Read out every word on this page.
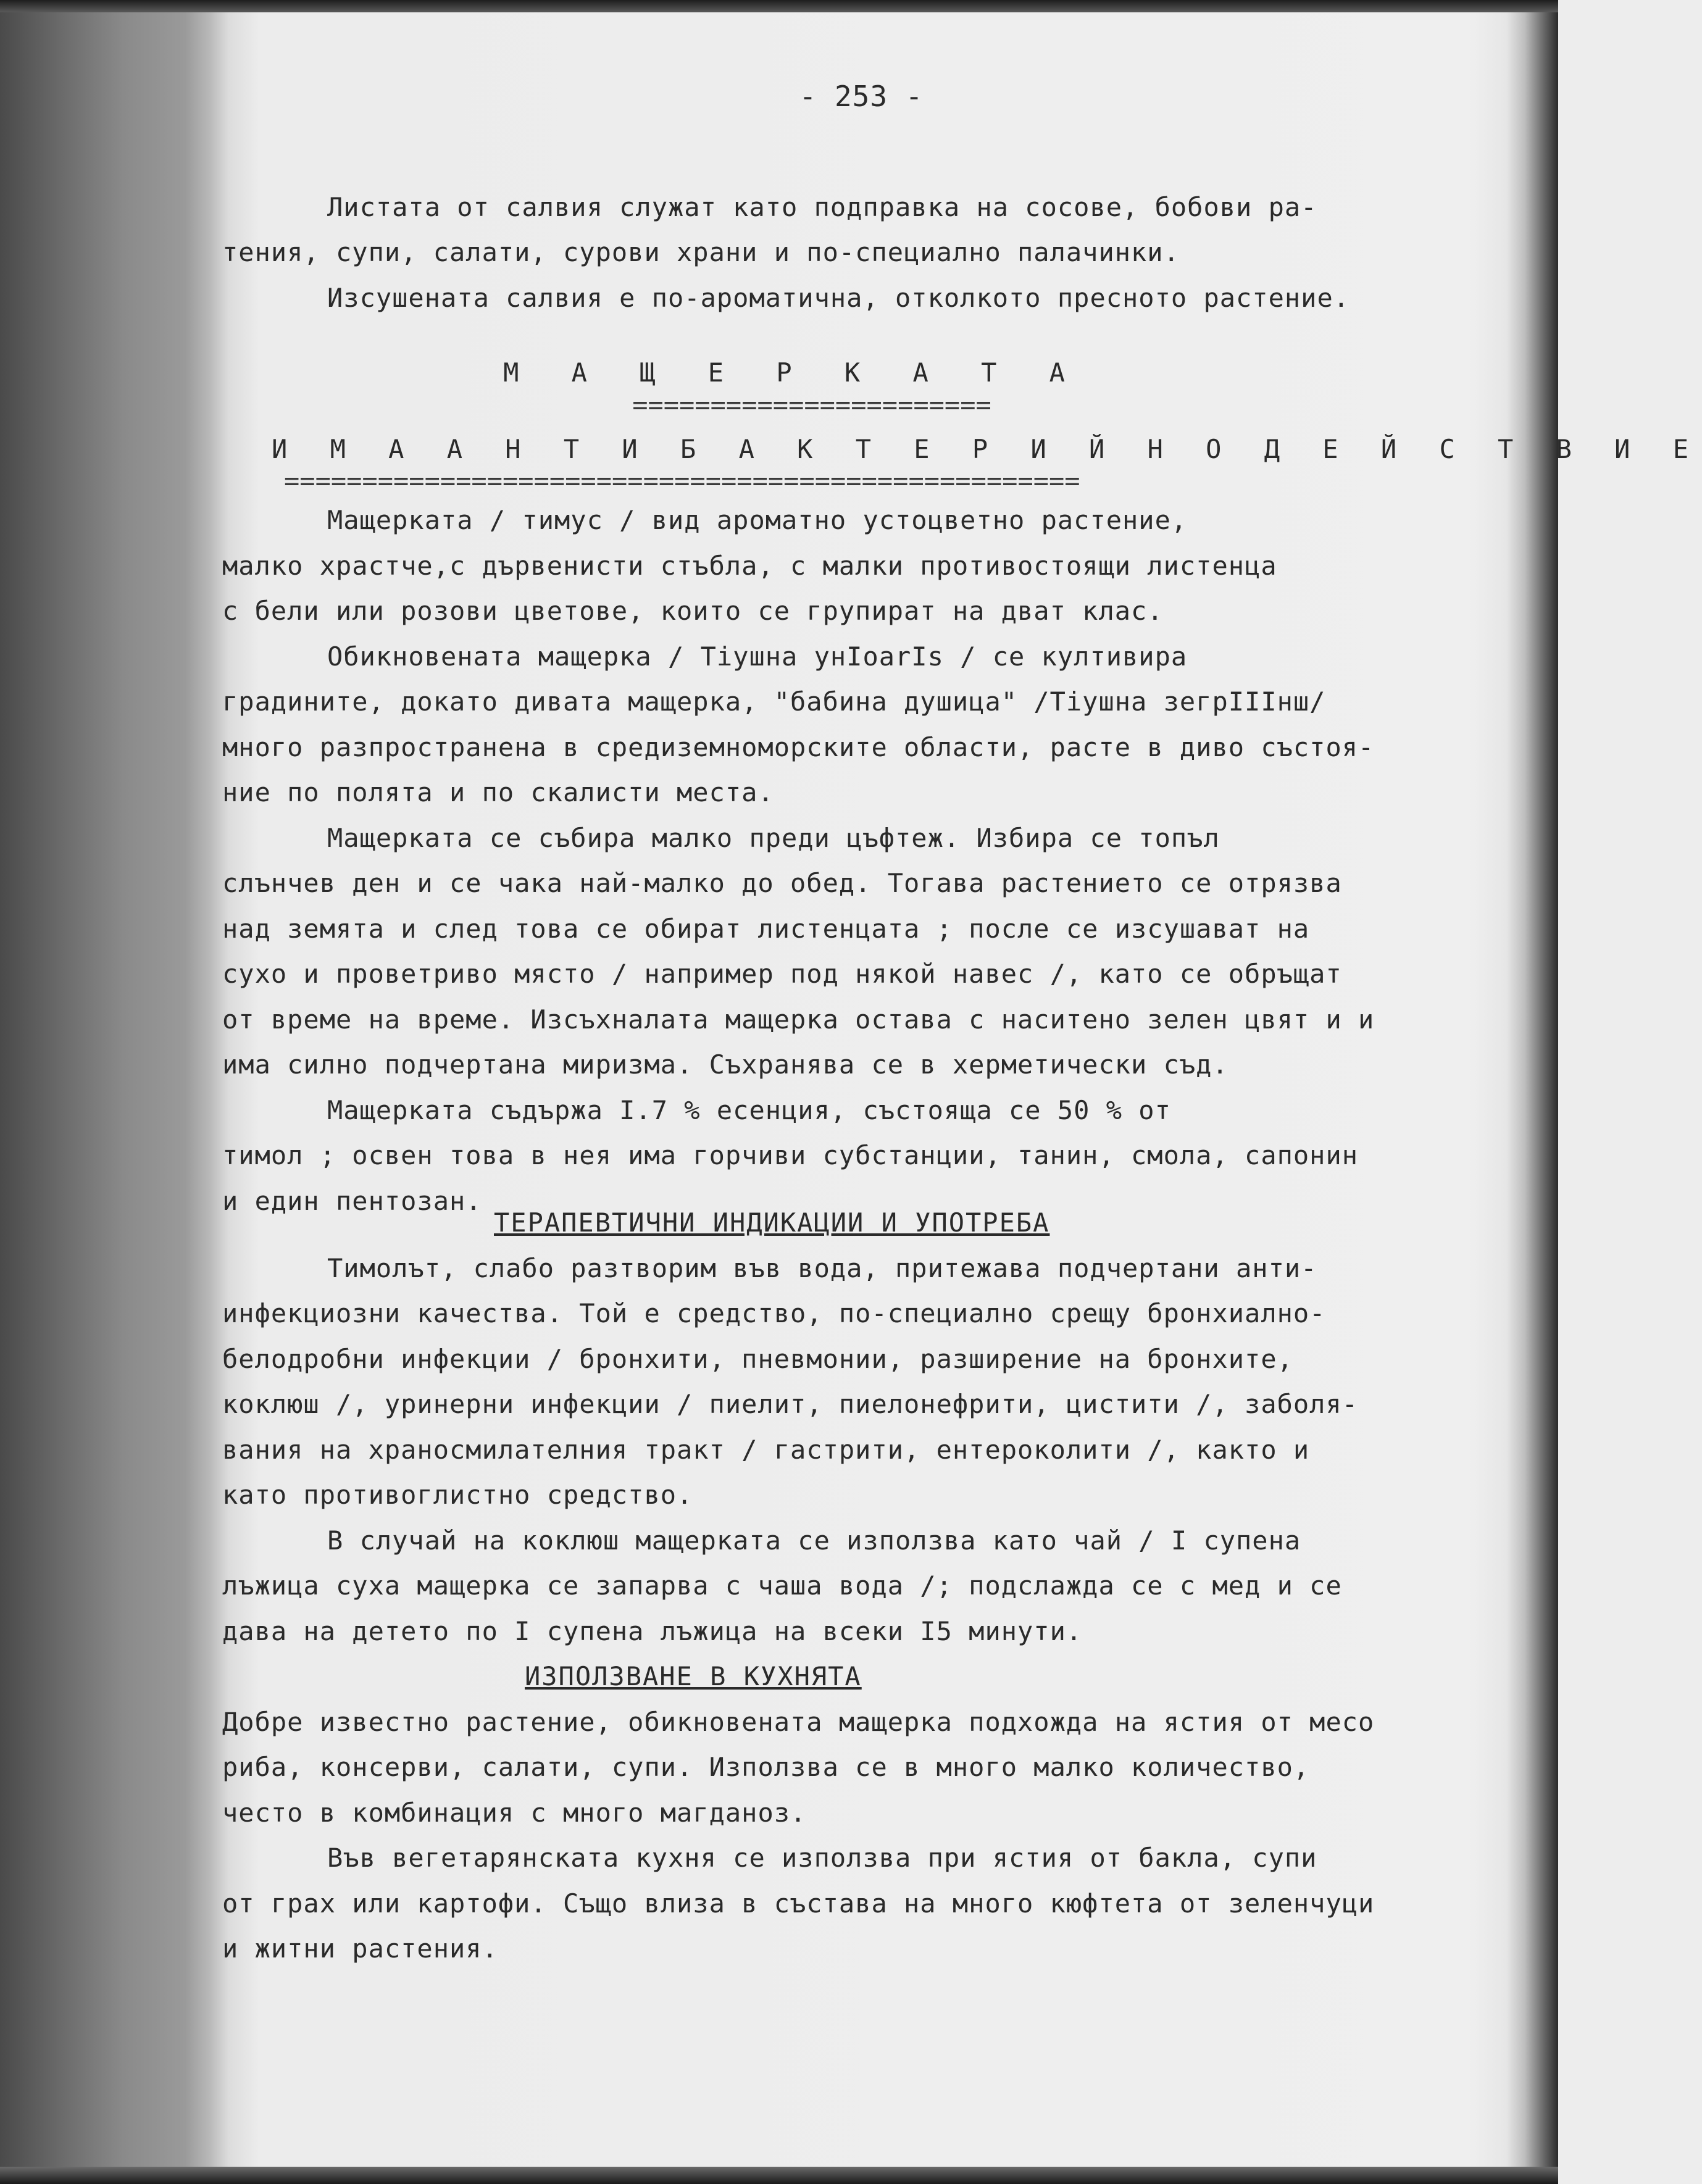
- 253 -
Листата от салвия служат като подправка на сосове, бобови ра-
тения, супи, салати, сурови храни и по-специално палачинки.
Изсушената салвия е по-ароматична, отколкото пресното растение.
М А Щ Е Р К А Т А
=======================
И М А А Н Т И Б А К Т Е Р И Й Н О Д Е Й С Т В И Е
===================================================
Мащерката / тимус / вид ароматно устоцветно растение,
малко храстче,с дървенисти стъбла, с малки противостоящи листенца
с бели или розови цветове, които се групират на дват клас.
Обикновената мащерка / Tiушнa унIoarIs / се култивира
градините, докато дивата мащерка, "бабина душица" /Tiушна зегрIIIнш/
много разпространена в средиземноморските области, расте в диво състоя-
ние по полята и по скалисти места.
Мащерката се събира малко преди цъфтеж. Избира се топъл
слънчев ден и се чака най-малко до обед. Тогава растението се отрязва
над земята и след това се обират листенцата ; после се изсушават на
сухо и проветриво място / например под някой навес /, като се обръщат
от време на време. Изсъхналата мащерка остава с наситено зелен цвят и и
има силно подчертана миризма. Съхранява се в херметически съд.
Мащерката съдържа I.7 % есенция, състояща се 50 % от
тимол ; освен това в нея има горчиви субстанции, танин, смола, сапонин
и един пентозан.
ТЕРАПЕВТИЧНИ ИНДИКАЦИИ И УПОТРЕБА
Тимолът, слабо разтворим във вода, притежава подчертани анти-
инфекциозни качества. Той е средство, по-специално срещу бронхиално-
белодробни инфекции / бронхити, пневмонии, разширение на бронхите,
коклюш /, уринерни инфекции / пиелит, пиелонефрити, цистити /, заболя-
вания на храносмилателния тракт / гастрити, ентероколити /, както и
като противоглистно средство.
В случай на коклюш мащерката се използва като чай / I супена
лъжица суха мащерка се запарва с чаша вода /; подслажда се с мед и се
дава на детето по I супена лъжица на всеки I5 минути.
ИЗПОЛЗВАНЕ В КУХНЯТА
Добре известно растение, обикновената мащерка подхожда на ястия от месо
риба, консерви, салати, супи. Използва се в много малко количество,
често в комбинация с много магданоз.
Във вегетарянската кухня се използва при ястия от бакла, супи
от грах или картофи. Също влиза в състава на много кюфтета от зеленчуци
и житни растения.
